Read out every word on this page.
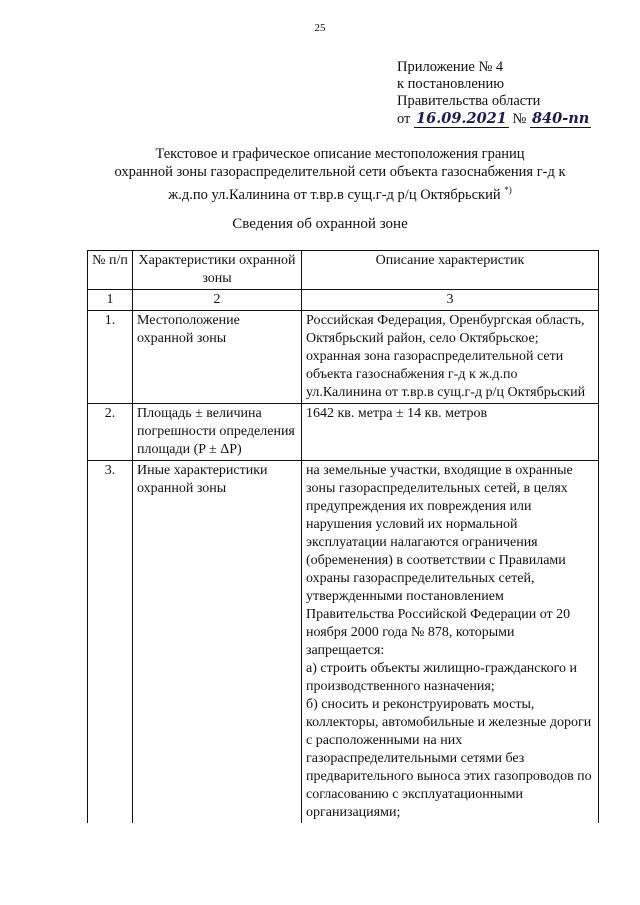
25
Приложение № 4
к постановлению
Правительства области
от 16.09.2021 № 840-пп
Текстовое и графическое описание местоположения границ
охранной зоны газораспределительной сети объекта газоснабжения г-д к
ж.д.по ул.Калинина от т.вр.в сущ.г-д р/ц Октябрьский *)
Сведения об охранной зоне
№ п/п	Характеристики охранной зоны	Описание характеристик
1	2	3
1.	Местоположение охранной зоны	Российская Федерация, Оренбургская область, Октябрьский район, село Октябрьское; охранная зона газораспределительной сети объекта газоснабжения г-д к ж.д.по ул.Калинина от т.вр.в сущ.г-д р/ц Октябрьский
2.	Площадь ± величина погрешности определения площади (P ± ΔP)	1642 кв. метра ± 14 кв. метров
3.	Иные характеристики охранной зоны	на земельные участки, входящие в охранные зоны газораспределительных сетей, в целях предупреждения их повреждения или нарушения условий их нормальной эксплуатации налагаются ограничения (обременения) в соответствии с Правилами охраны газораспределительных сетей, утвержденными постановлением Правительства Российской Федерации от 20 ноября 2000 года № 878, которыми запрещается:
а) строить объекты жилищно-гражданского и производственного назначения;
б) сносить и реконструировать мосты, коллекторы, автомобильные и железные дороги с расположенными на них газораспределительными сетями без предварительного выноса этих газопроводов по согласованию с эксплуатационными организациями;
